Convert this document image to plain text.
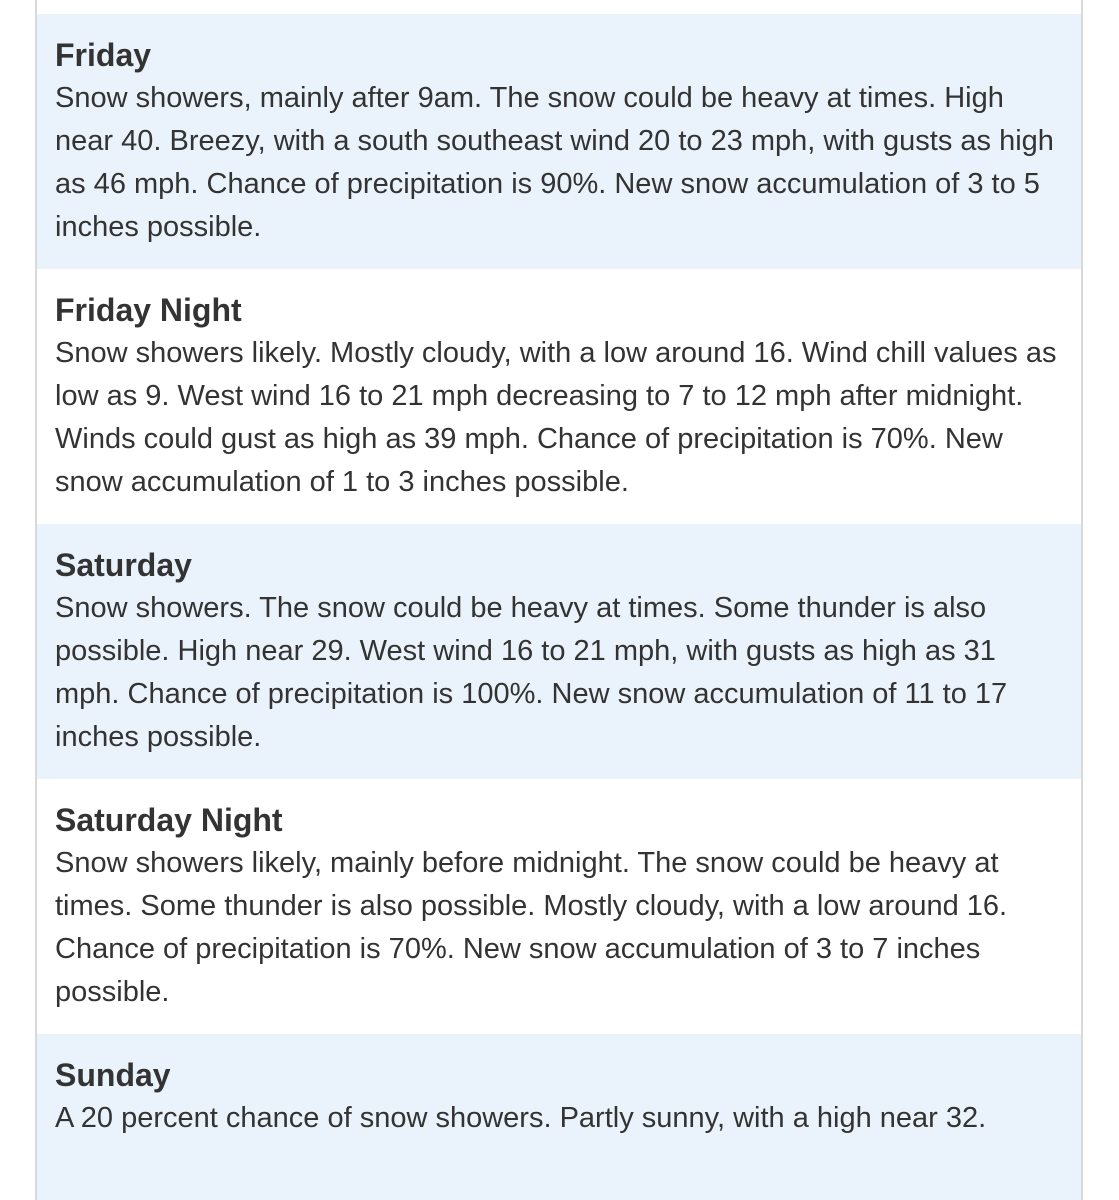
Friday

Snow showers, mainly after 9am. The snow could be heavy at times. High near 40. Breezy, with a south southeast wind 20 to 23 mph, with gusts as high as 46 mph. Chance of precipitation is 90%. New snow accumulation of 3 to 5 inches possible.

Friday Night

Snow showers likely. Mostly cloudy, with a low around 16. Wind chill values as low as 9. West wind 16 to 21 mph decreasing to 7 to 12 mph after midnight. Winds could gust as high as 39 mph. Chance of precipitation is 70%. New snow accumulation of 1 to 3 inches possible.

Saturday

Snow showers. The snow could be heavy at times. Some thunder is also possible. High near 29. West wind 16 to 21 mph, with gusts as high as 31 mph. Chance of precipitation is 100%. New snow accumulation of 11 to 17 inches possible.

Saturday Night

Snow showers likely, mainly before midnight. The snow could be heavy at times. Some thunder is also possible. Mostly cloudy, with a low around 16. Chance of precipitation is 70%. New snow accumulation of 3 to 7 inches possible.

Sunday

A 20 percent chance of snow showers. Partly sunny, with a high near 32.
